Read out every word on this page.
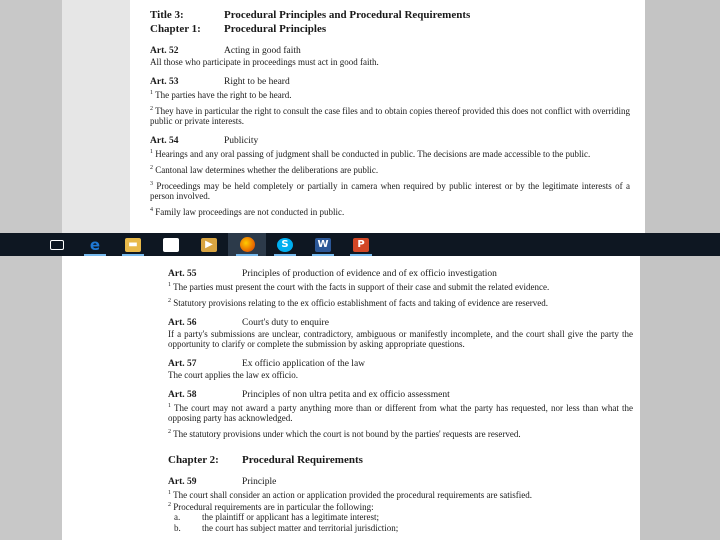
Title 3:	Procedural Principles and Procedural Requirements
Chapter 1:	Procedural Principles
Art. 52	Acting in good faith

All those who participate in proceedings must act in good faith.

Art. 53	Right to be heard

$^1$ The parties have the right to be heard.

$^2$ They have in particular the right to consult the case files and to obtain copies thereof provided this does not conflict with overriding public or private interests.

Art. 54	Publicity

$^1$ Hearings and any oral passing of judgment shall be conducted in public. The decisions are made accessible to the public.

$^2$ Cantonal law determines whether the deliberations are public.

$^3$ Proceedings may be held completely or partially in camera when required by public interest or by the legitimate interests of a person involved.

$^4$ Family law proceedings are not conducted in public.

e	▬	▶	S	W	P
Art. 55	Principles of production of evidence and of ex officio investigation

$^1$ The parties must present the court with the facts in support of their case and submit the related evidence.

$^2$ Statutory provisions relating to the ex officio establishment of facts and taking of evidence are reserved.

Art. 56	Court's duty to enquire

If a party's submissions are unclear, contradictory, ambiguous or manifestly incomplete, and the court shall give the party the opportunity to clarify or complete the submission by asking appropriate questions.

Art. 57	Ex officio application of the law

The court applies the law ex officio.

Art. 58	Principles of non ultra petita and ex officio assessment

$^1$ The court may not award a party anything more than or different from what the party has requested, nor less than what the opposing party has acknowledged.

$^2$ The statutory provisions under which the court is not bound by the parties' requests are reserved.

Chapter 2:	Procedural Requirements
Art. 59	Principle

$^1$ The court shall consider an action or application provided the procedural requirements are satisfied.

$^2$ Procedural requirements are in particular the following:

a.	the plaintiff or applicant has a legitimate interest;
b.	the court has subject matter and territorial jurisdiction;
